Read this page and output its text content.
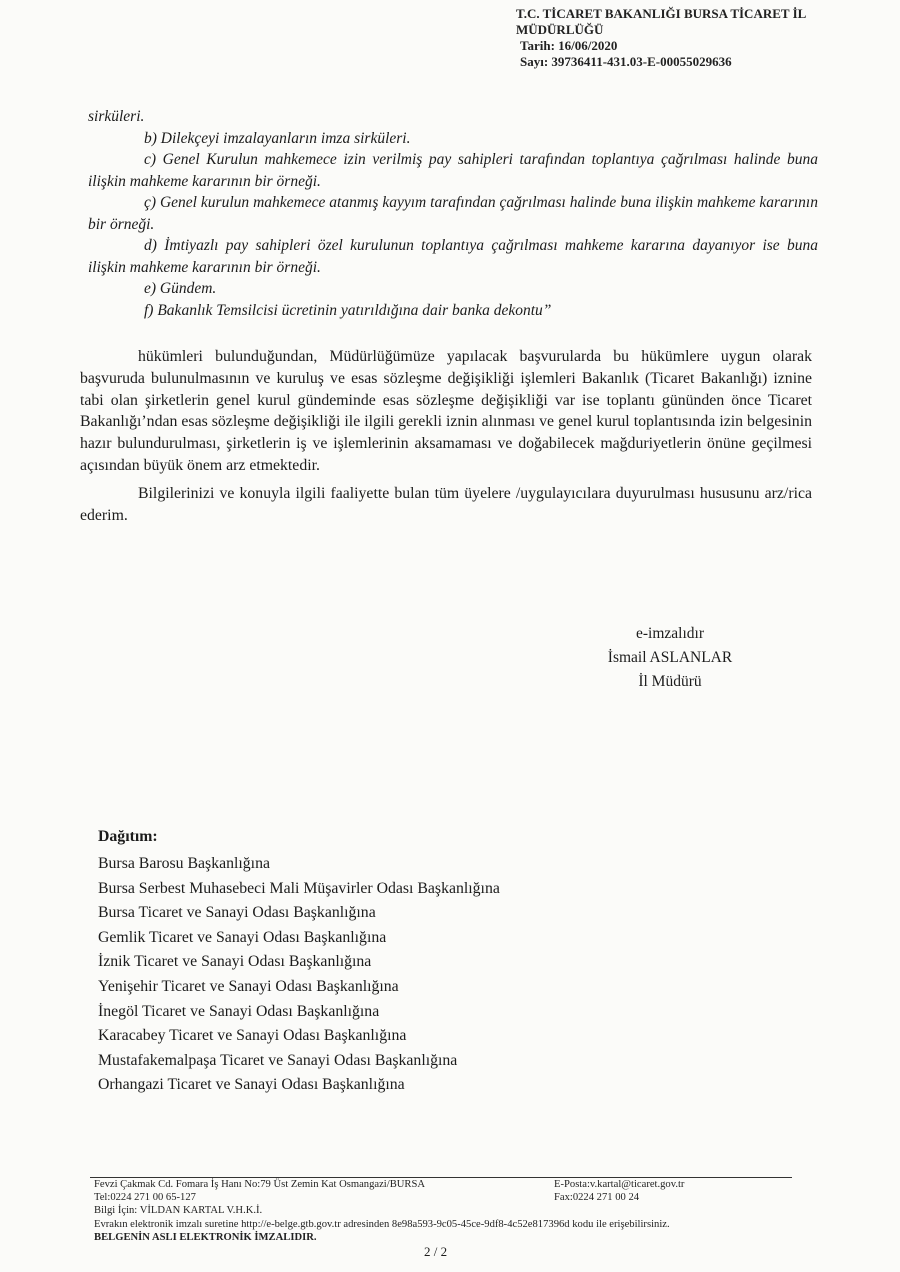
T.C. TİCARET BAKANLIĞI BURSA TİCARET İL
MÜDÜRLÜĞÜ
Tarih: 16/06/2020
Sayı: 39736411-431.03-E-00055029636

sirküleri.

b) Dilekçeyi imzalayanların imza sirküleri.

c) Genel Kurulun mahkemece izin verilmiş pay sahipleri tarafından toplantıya çağrılması halinde buna ilişkin mahkeme kararının bir örneği.

ç) Genel kurulun mahkemece atanmış kayyım tarafından çağrılması halinde buna ilişkin mahkeme kararının bir örneği.

d) İmtiyazlı pay sahipleri özel kurulunun toplantıya çağrılması mahkeme kararına dayanıyor ise buna ilişkin mahkeme kararının bir örneği.

e) Gündem.

f) Bakanlık Temsilcisi ücretinin yatırıldığına dair banka dekontu”

hükümleri bulunduğundan, Müdürlüğümüze yapılacak başvurularda bu hükümlere uygun olarak başvuruda bulunulmasının ve kuruluş ve esas sözleşme değişikliği işlemleri Bakanlık (Ticaret Bakanlığı) iznine tabi olan şirketlerin genel kurul gündeminde esas sözleşme değişikliği var ise toplantı gününden önce Ticaret Bakanlığı’ndan esas sözleşme değişikliği ile ilgili gerekli iznin alınması ve genel kurul toplantısında izin belgesinin hazır bulundurulması, şirketlerin iş ve işlemlerinin aksamaması ve doğabilecek mağduriyetlerin önüne geçilmesi açısından büyük önem arz etmektedir.

Bilgilerinizi ve konuyla ilgili faaliyette bulan tüm üyelere /uygulayıcılara duyurulması hususunu arz/rica ederim.

e-imzalıdır
İsmail ASLANLAR
İl Müdürü
Dağıtım:
Bursa Barosu Başkanlığına
Bursa Serbest Muhasebeci Mali Müşavirler Odası Başkanlığına
Bursa Ticaret ve Sanayi Odası Başkanlığına
Gemlik Ticaret ve Sanayi Odası Başkanlığına
İznik Ticaret ve Sanayi Odası Başkanlığına
Yenişehir Ticaret ve Sanayi Odası Başkanlığına
İnegöl Ticaret ve Sanayi Odası Başkanlığına
Karacabey Ticaret ve Sanayi Odası Başkanlığına
Mustafakemalpaşa Ticaret ve Sanayi Odası Başkanlığına
Orhangazi Ticaret ve Sanayi Odası Başkanlığına
Fevzi Çakmak Cd. Fomara İş Hanı No:79 Üst Zemin Kat Osmangazi/BURSA
Tel:0224 271 00 65-127
Bilgi İçin: VİLDAN KARTAL V.H.K.İ.
E-Posta:v.kartal@ticaret.gov.tr
Fax:0224 271 00 24
Evrakın elektronik imzalı suretine http://e-belge.gtb.gov.tr adresinden 8e98a593-9c05-45ce-9df8-4c52e817396d kodu ile erişebilirsiniz.
BELGENİN ASLI ELEKTRONİK İMZALIDIR.
2 / 2
